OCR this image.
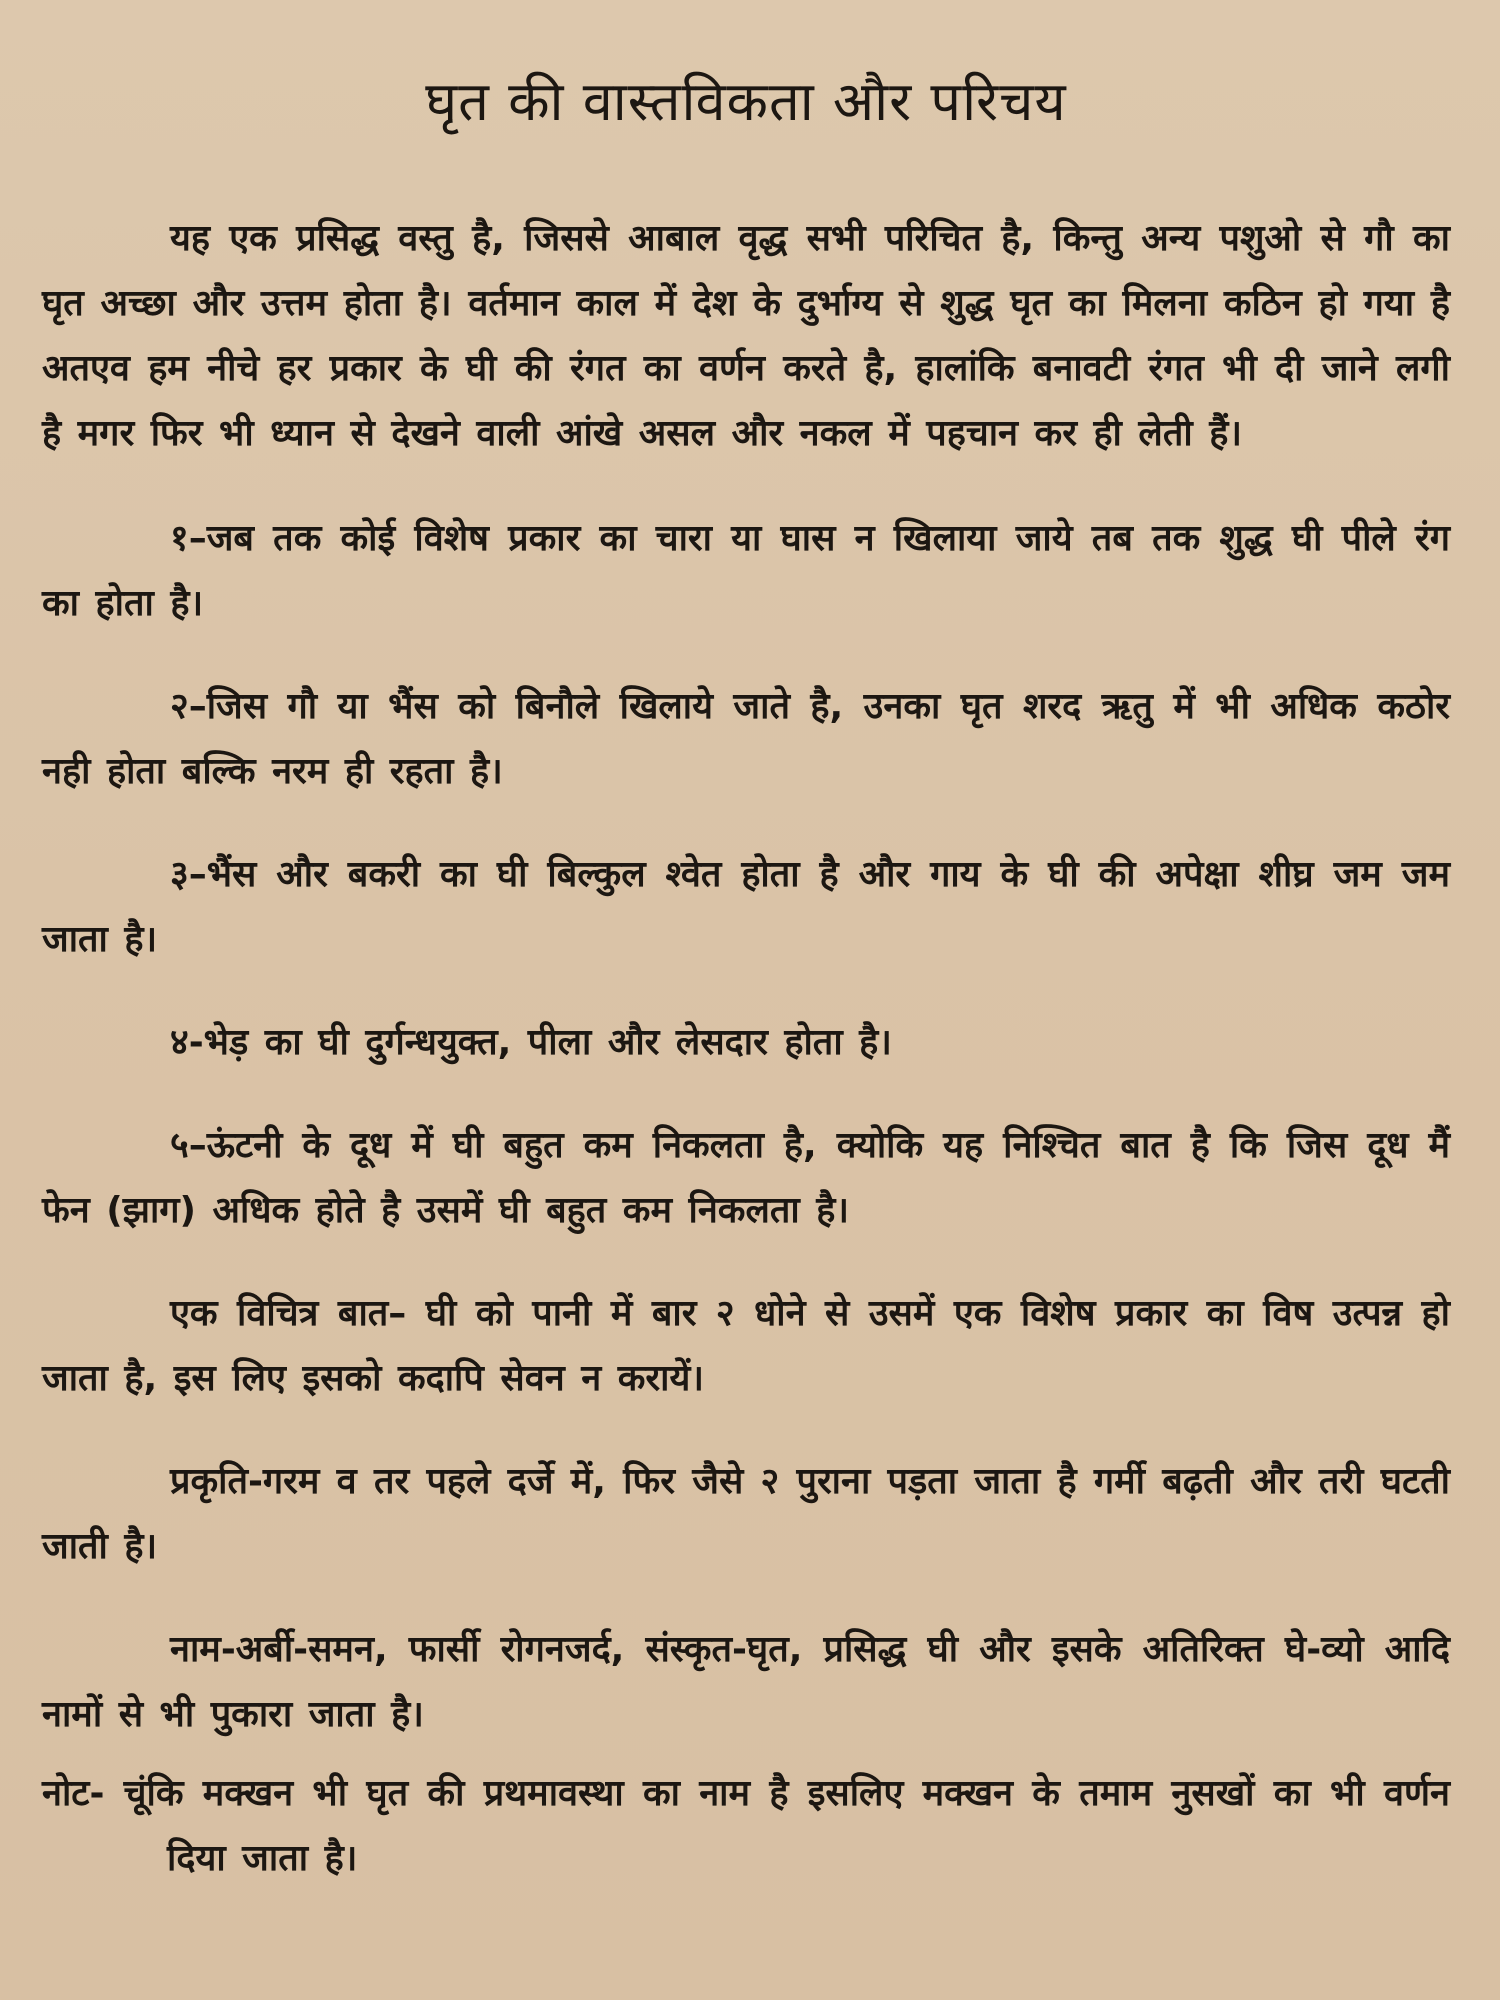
घृत की वास्तविकता और परिचय

यह एक प्रसिद्ध वस्तु है, जिससे आबाल वृद्ध सभी परिचित है, किन्तु अन्य पशुओ से गौ का घृत अच्छा और उत्तम होता है। वर्तमान काल में देश के दुर्भाग्य से शुद्ध घृत का मिलना कठिन हो गया है अतएव हम नीचे हर प्रकार के घी की रंगत का वर्णन करते है, हालांकि बनावटी रंगत भी दी जाने लगी है मगर फिर भी ध्यान से देखने वाली आंखे असल और नकल में पहचान कर ही लेती हैं।

१–जब तक कोई विशेष प्रकार का चारा या घास न खिलाया जाये तब तक शुद्ध घी पीले रंग का होता है।

२–जिस गौ या भैंस को बिनौले खिलाये जाते है, उनका घृत शरद ऋतु में भी अधिक कठोर नही होता बल्कि नरम ही रहता है।

३–भैंस और बकरी का घी बिल्कुल श्वेत होता है और गाय के घी की अपेक्षा शीघ्र जम जम जाता है।

४-भेड़ का घी दुर्गन्धयुक्त, पीला और लेसदार होता है।

५–ऊंटनी के दूध में घी बहुत कम निकलता है, क्योकि यह निश्चित बात है कि जिस दूध मैं फेन (झाग) अधिक होते है उसमें घी बहुत कम निकलता है।

एक विचित्र बात– घी को पानी में बार २ धोने से उसमें एक विशेष प्रकार का विष उत्पन्न हो जाता है, इस लिए इसको कदापि सेवन न करायें।

प्रकृति-गरम व तर पहले दर्जे में, फिर जैसे २ पुराना पड़ता जाता है गर्मी बढ़ती और तरी घटती जाती है।

नाम-अर्बी-समन, फार्सी रोगनजर्द, संस्कृत-घृत, प्रसिद्ध घी और इसके अतिरिक्त घे-व्यो आदि नामों से भी पुकारा जाता है।

नोट- चूंकि मक्खन भी घृत की प्रथमावस्था का नाम है इसलिए मक्खन के तमाम नुसखों का भी वर्णन दिया जाता है।
